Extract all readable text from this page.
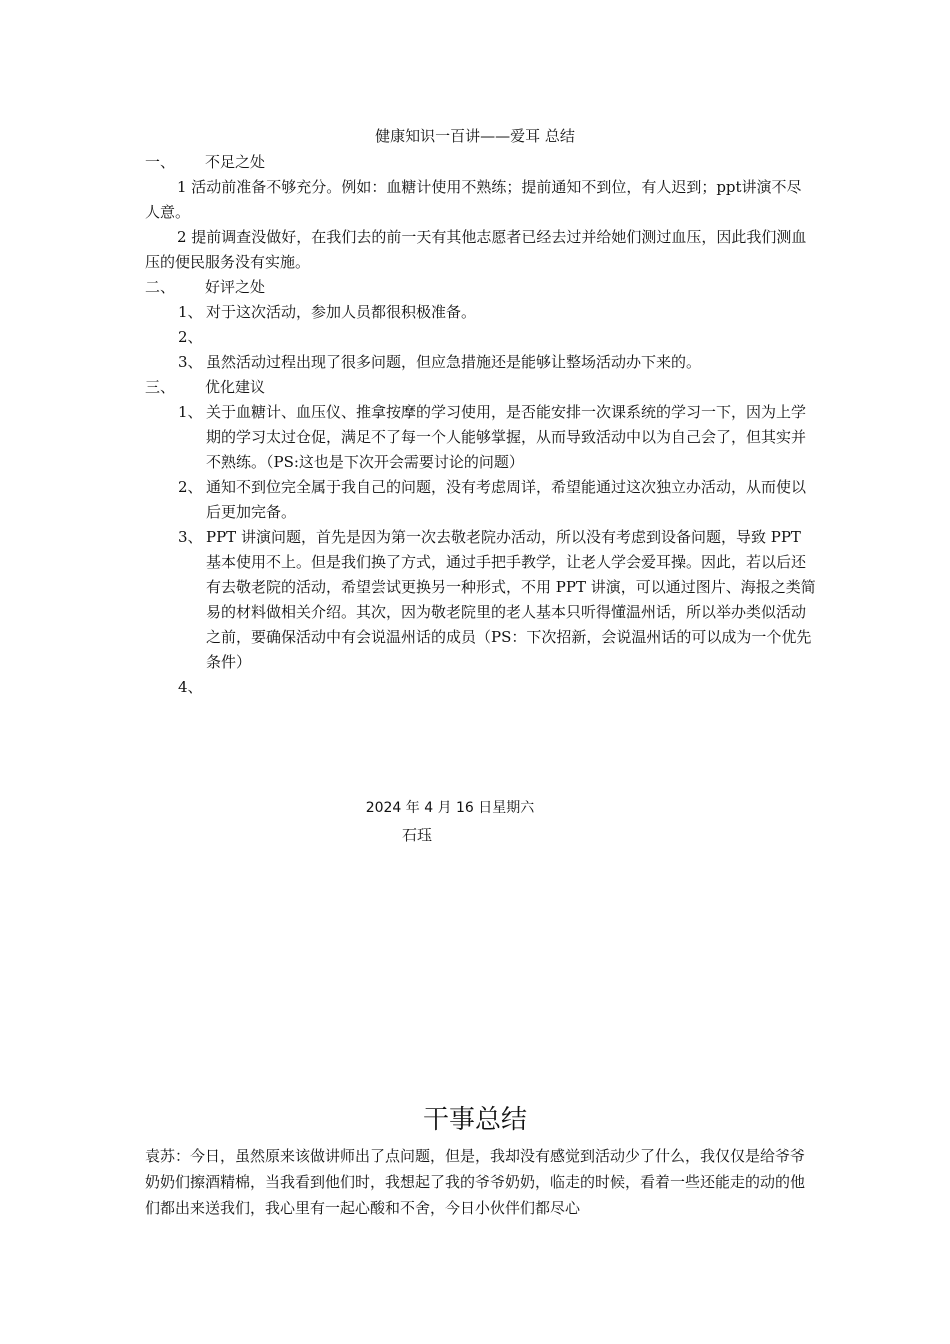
健康知识一百讲——爱耳 总结
一、 不足之处
1 活动前准备不够充分。例如：血糖计使用不熟练；提前通知不到位，有人迟到；ppt讲演不尽人意。
2 提前调查没做好，在我们去的前一天有其他志愿者已经去过并给她们测过血压，因此我们测血压的便民服务没有实施。
二、 好评之处
1、 对于这次活动，参加人员都很积极准备。
2、
3、 虽然活动过程出现了很多问题，但应急措施还是能够让整场活动办下来的。
三、 优化建议
1、 关于血糖计、血压仪、推拿按摩的学习使用，是否能安排一次课系统的学习一下，因为上学期的学习太过仓促，满足不了每一个人能够掌握，从而导致活动中以为自己会了，但其实并不熟练。（PS:这也是下次开会需要讨论的问题）
2、 通知不到位完全属于我自己的问题，没有考虑周详，希望能通过这次独立办活动，从而使以后更加完备。
3、 PPT 讲演问题，首先是因为第一次去敬老院办活动，所以没有考虑到设备问题，导致 PPT 基本使用不上。但是我们换了方式，通过手把手教学，让老人学会爱耳操。因此，若以后还有去敬老院的活动，希望尝试更换另一种形式，不用 PPT 讲演，可以通过图片、海报之类简易的材料做相关介绍。其次，因为敬老院里的老人基本只听得懂温州话，所以举办类似活动之前，要确保活动中有会说温州话的成员（PS：下次招新，会说温州话的可以成为一个优先条件）
4、
2024 年 4 月 16 日星期六
石珏
干事总结
袁苏：今日，虽然原来该做讲师出了点问题，但是，我却没有感觉到活动少了什么，我仅仅是给爷爷奶奶们擦酒精棉，当我看到他们时，我想起了我的爷爷奶奶，临走的时候，看着一些还能走的动的他们都出来送我们，我心里有一起心酸和不舍，今日小伙伴们都尽心
